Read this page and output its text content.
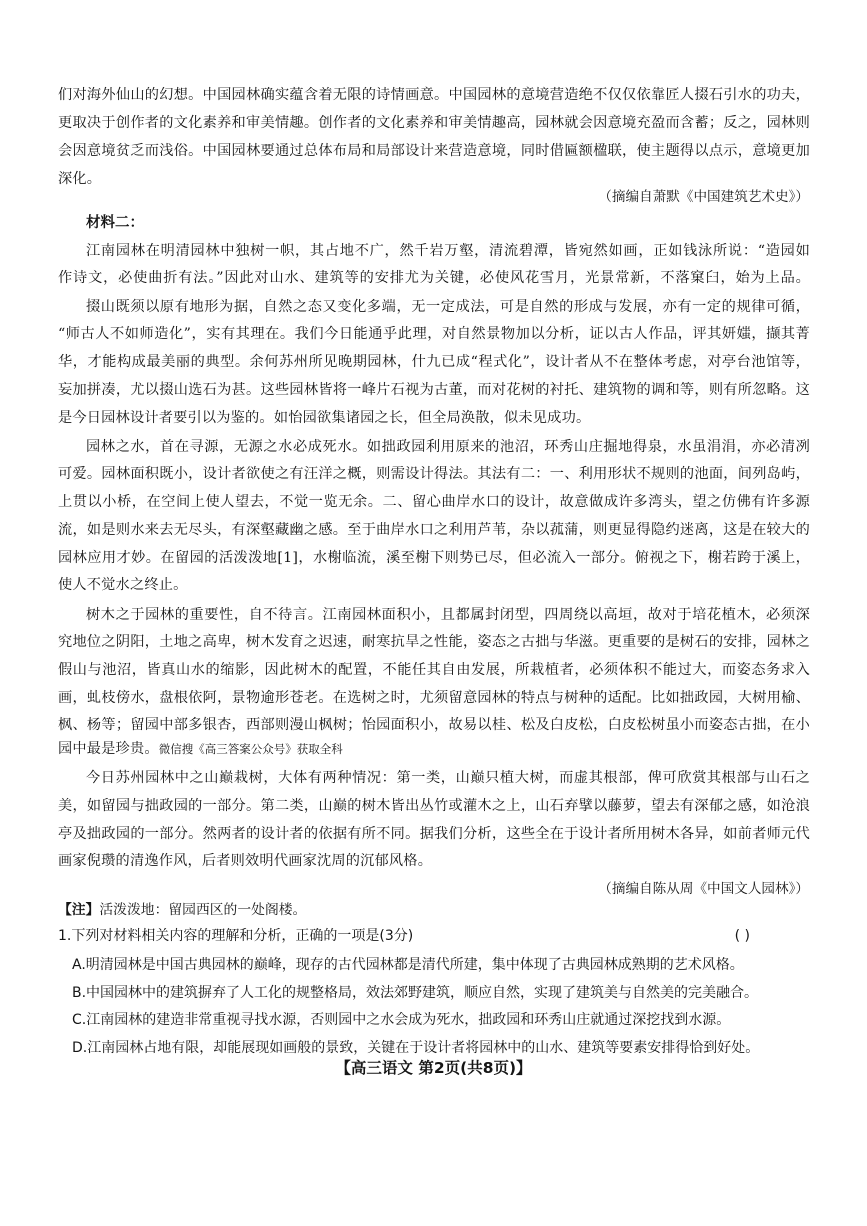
们对海外仙山的幻想。中国园林确实蕴含着无限的诗情画意。中国园林的意境营造绝不仅仅依靠匠人掇石引水的功夫，
更取决于创作者的文化素养和审美情趣。创作者的文化素养和审美情趣高，园林就会因意境充盈而含蓄；反之，园林则
会因意境贫乏而浅俗。中国园林要通过总体布局和局部设计来营造意境，同时借匾额楹联，使主题得以点示，意境更加
深化。
（摘编自萧默《中国建筑艺术史》）
材料二：
江南园林在明清园林中独树一帜，其占地不广，然千岩万壑，清流碧潭，皆宛然如画，正如钱泳所说：“造园如
作诗文，必使曲折有法。”因此对山水、建筑等的安排尤为关键，必使风花雪月，光景常新，不落窠臼，始为上品。
掇山既须以原有地形为据，自然之态又变化多端，无一定成法，可是自然的形成与发展，亦有一定的规律可循，
“师古人不如师造化”，实有其理在。我们今日能通乎此理，对自然景物加以分析，证以古人作品，评其妍媸，撷其菁
华，才能构成最美丽的典型。余何苏州所见晚期园林，什九已成“程式化”，设计者从不在整体考虑，对亭台池馆等，
妄加拼凑，尤以掇山选石为甚。这些园林皆将一峰片石视为古董，而对花树的衬托、建筑物的调和等，则有所忽略。这
是今日园林设计者要引以为鉴的。如怡园欲集诸园之长，但全局涣散，似未见成功。
园林之水，首在寻源，无源之水必成死水。如拙政园利用原来的池沼，环秀山庄掘地得泉，水虽涓涓，亦必清冽
可爱。园林面积既小，设计者欲使之有汪洋之概，则需设计得法。其法有二：一、利用形状不规则的池面，间列岛屿，
上贯以小桥，在空间上使人望去，不觉一览无余。二、留心曲岸水口的设计，故意做成许多湾头，望之仿佛有许多源
流，如是则水来去无尽头，有深壑藏幽之感。至于曲岸水口之利用芦苇，杂以菰蒲，则更显得隐约迷离，这是在较大的
园林应用才妙。在留园的活泼泼地[1]，水榭临流，溪至榭下则势已尽，但必流入一部分。俯视之下，榭若跨于溪上，
使人不觉水之终止。
树木之于园林的重要性，自不待言。江南园林面积小，且都属封闭型，四周绕以高垣，故对于培花植木，必须深
究地位之阴阳，土地之高卑，树木发育之迟速，耐寒抗旱之性能，姿态之古拙与华滋。更重要的是树石的安排，园林之
假山与池沼，皆真山水的缩影，因此树木的配置，不能任其自由发展，所栽植者，必须体积不能过大，而姿态务求入
画，虬枝傍水，盘根依阿，景物逾形苍老。在选树之时，尤须留意园林的特点与树种的适配。比如拙政园，大树用榆、
枫、杨等；留园中部多银杏，西部则漫山枫树；怡园面积小，故易以桂、松及白皮松，白皮松树虽小而姿态古拙，在小
园中最是珍贵。微信搜《高三答案公众号》获取全科
今日苏州园林中之山巅栽树，大体有两种情况：第一类，山巅只植大树，而虚其根部，俾可欣赏其根部与山石之
美，如留园与拙政园的一部分。第二类，山巅的树木皆出丛竹或灌木之上，山石弃擘以藤萝，望去有深郁之感，如沧浪
亭及拙政园的一部分。然两者的设计者的依据有所不同。据我们分析，这些全在于设计者所用树木各异，如前者师元代
画家倪瓒的清逸作风，后者则效明代画家沈周的沉郁风格。
（摘编自陈从周《中国文人园林》）
【注】活泼泼地：留园西区的一处阁楼。
1.下列对材料相关内容的理解和分析，正确的一项是(3分)	( )
A.明清园林是中国古典园林的巅峰，现存的古代园林都是清代所建，集中体现了古典园林成熟期的艺术风格。
B.中国园林中的建筑摒弃了人工化的规整格局，效法郊野建筑，顺应自然，实现了建筑美与自然美的完美融合。
C.江南园林的建造非常重视寻找水源，否则园中之水会成为死水，拙政园和环秀山庄就通过深挖找到水源。
D.江南园林占地有限，却能展现如画般的景致，关键在于设计者将园林中的山水、建筑等要素安排得恰到好处。
【高三语文 第2页(共8页)】
